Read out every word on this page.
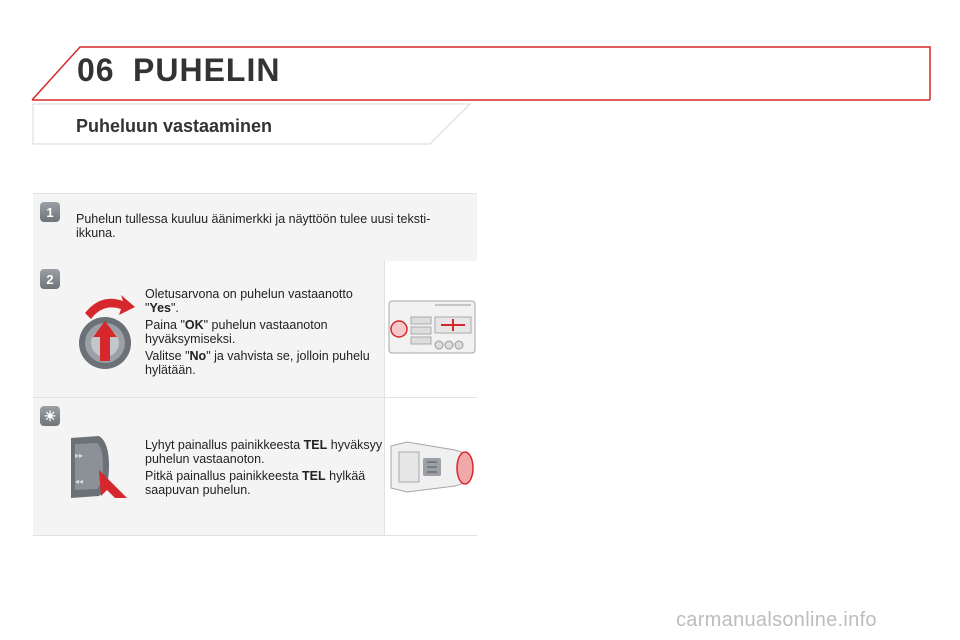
06 PUHELIN
Puheluun vastaaminen
1	Puhelun tullessa kuuluu äänimerkki ja näyttöön tulee uusi teksti-ikkuna.

2

Oletusarvona on puhelun vastaanotto "Yes".

Paina "OK" puhelun vastaanoton hyväksymiseksi.

Valitse "No" ja vahvista se, jolloin puhelu hylätään.

☀
▸▸
◂◂

Lyhyt painallus painikkeesta TEL hyväksyy puhelun vastaanoton.

Pitkä painallus painikkeesta TEL hylkää saapuvan puhelun.

carmanualsonline.info
